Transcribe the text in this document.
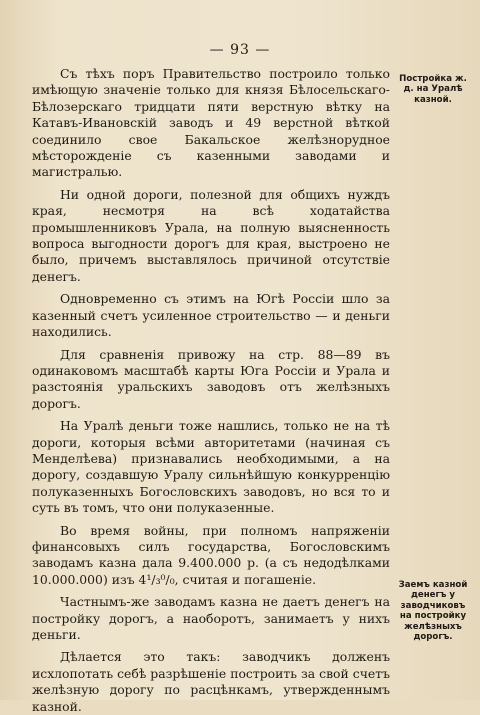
— 93 —

Съ тѣхъ поръ Правительство построило только имѣющую значеніе только для князя Бѣлосельскаго-Бѣлозерскаго тридцати пяти верстную вѣтку на Катавъ-Ивановскій заводъ и 49 верстной вѣткой соединило свое Бакальское желѣзнорудное мѣсторожденіе съ казенными заводами и магистралью.

Ни одной дороги, полезной для общихъ нуждъ края, несмотря на всѣ ходатайства промышленниковъ Урала, на полную выясненность вопроса выгодности дорогъ для края, выстроено не было, причемъ выставлялось причиной отсутствіе денегъ.

Одновременно съ этимъ на Югѣ Россіи шло за казенный счетъ усиленное строительство — и деньги находились.

Для сравненія привожу на стр. 88—89 въ одинаковомъ масштабѣ карты Юга Россіи и Урала и разстоянія уральскихъ заводовъ отъ желѣзныхъ дорогъ.

На Уралѣ деньги тоже нашлись, только не на тѣ дороги, которыя всѣми авторитетами (начиная съ Менделѣева) признавались необходимыми, а на дорогу, создавшую Уралу сильнѣйшую конкурренцію полуказенныхъ Богословскихъ заводовъ, но вся то и суть въ томъ, что они полуказенные.

Во время войны, при полномъ напряженіи финансовыхъ силъ государства, Богословскимъ заводамъ казна дала 9.400.000 р. (а съ недодѣлками 10.000.000) изъ 4¹/₃⁰/₀, считая и погашеніе.

Частнымъ-же заводамъ казна не даетъ денегъ на постройку дорогъ, а наоборотъ, занимаетъ у нихъ деньги.

Дѣлается это такъ: заводчикъ долженъ исхлопотать себѣ разрѣшеніе построить за свой счетъ желѣзную дорогу по расцѣнкамъ, утвержденнымъ казной.

Постройка ж. д. на Уралѣ казной.
Заемъ казной денегъ у заводчиковъ на постройку желѣзныхъ дорогъ.
